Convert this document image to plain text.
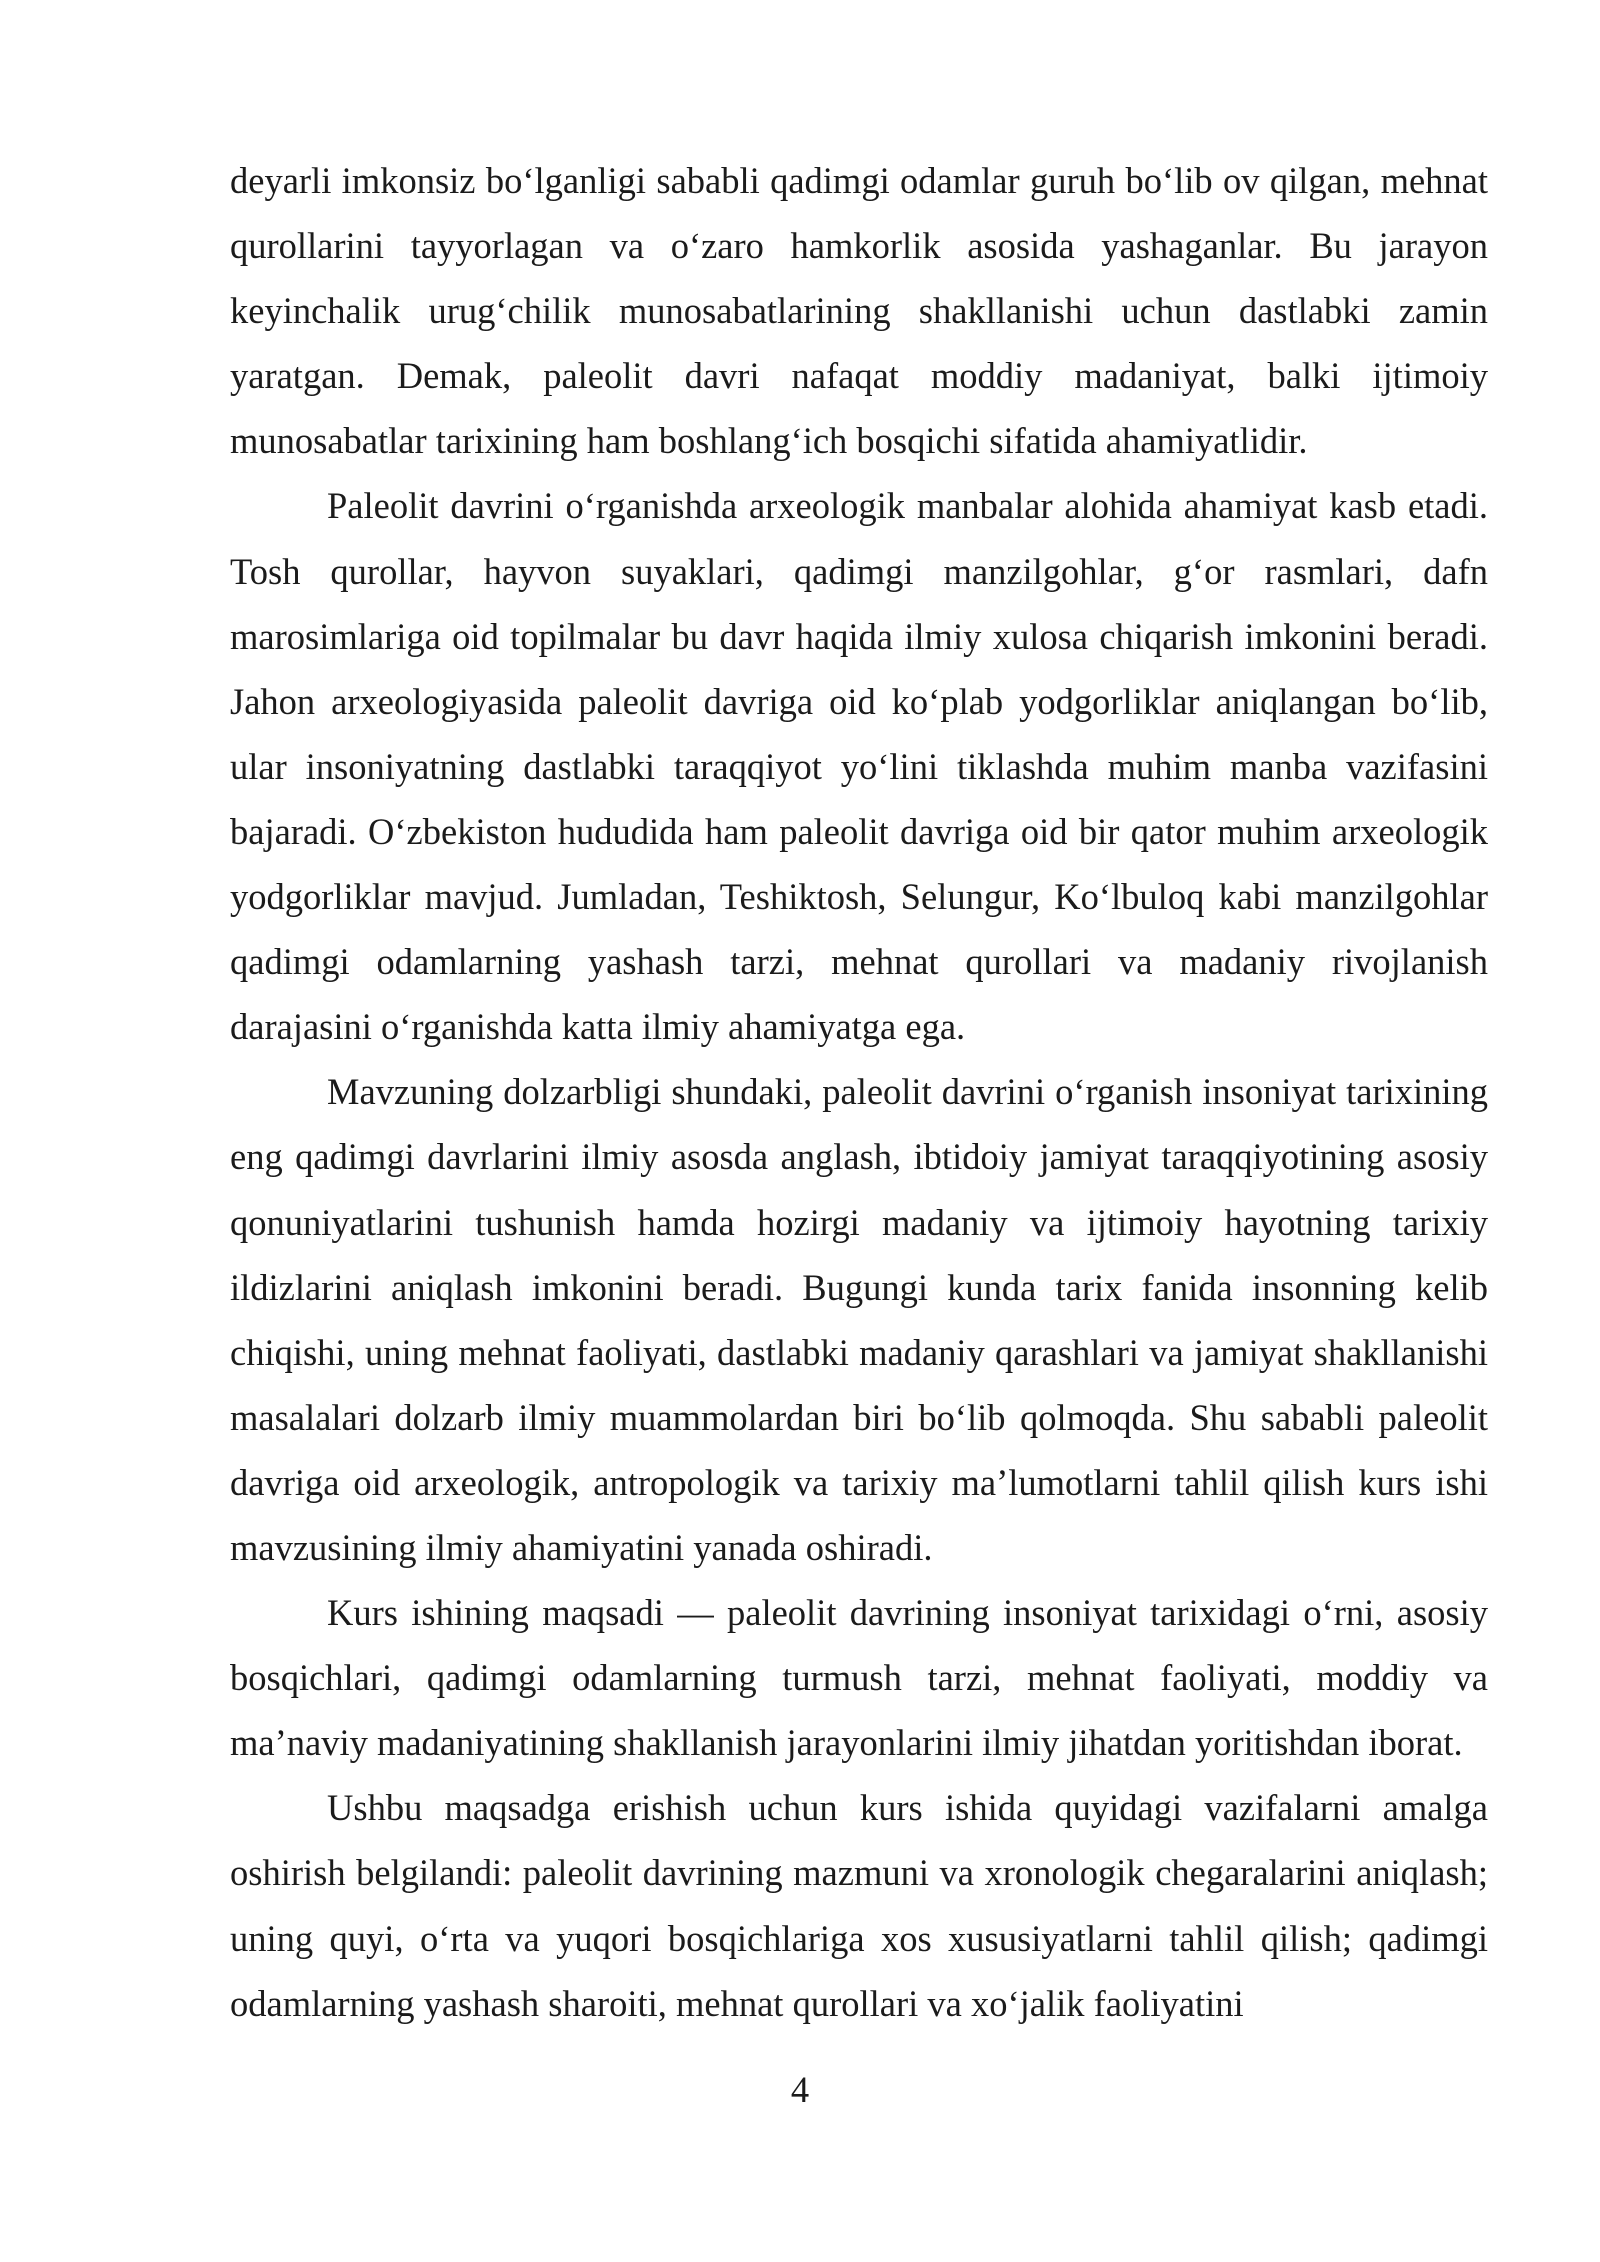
deyarli imkonsiz bo‘lganligi sababli qadimgi odamlar guruh bo‘lib ov qilgan, mehnat qurollarini tayyorlagan va o‘zaro hamkorlik asosida yashaganlar. Bu jarayon keyinchalik urug‘chilik munosabatlarining shakllanishi uchun dastlabki zamin yaratgan. Demak, paleolit davri nafaqat moddiy madaniyat, balki ijtimoiy munosabatlar tarixining ham boshlang‘ich bosqichi sifatida ahamiyatlidir.

Paleolit davrini o‘rganishda arxeologik manbalar alohida ahamiyat kasb etadi. Tosh qurollar, hayvon suyaklari, qadimgi manzilgohlar, g‘or rasmlari, dafn marosimlariga oid topilmalar bu davr haqida ilmiy xulosa chiqarish imkonini beradi. Jahon arxeologiyasida paleolit davriga oid ko‘plab yodgorliklar aniqlangan bo‘lib, ular insoniyatning dastlabki taraqqiyot yo‘lini tiklashda muhim manba vazifasini bajaradi. O‘zbekiston hududida ham paleolit davriga oid bir qator muhim arxeologik yodgorliklar mavjud. Jumladan, Teshiktosh, Selungur, Ko‘lbuloq kabi manzilgohlar qadimgi odamlarning yashash tarzi, mehnat qurollari va madaniy rivojlanish darajasini o‘rganishda katta ilmiy ahamiyatga ega.

Mavzuning dolzarbligi shundaki, paleolit davrini o‘rganish insoniyat tarixining eng qadimgi davrlarini ilmiy asosda anglash, ibtidoiy jamiyat taraqqiyotining asosiy qonuniyatlarini tushunish hamda hozirgi madaniy va ijtimoiy hayotning tarixiy ildizlarini aniqlash imkonini beradi. Bugungi kunda tarix fanida insonning kelib chiqishi, uning mehnat faoliyati, dastlabki madaniy qarashlari va jamiyat shakllanishi masalalari dolzarb ilmiy muammolardan biri bo‘lib qolmoqda. Shu sababli paleolit davriga oid arxeologik, antropologik va tarixiy ma’lumotlarni tahlil qilish kurs ishi mavzusining ilmiy ahamiyatini yanada oshiradi.

Kurs ishining maqsadi — paleolit davrining insoniyat tarixidagi o‘rni, asosiy bosqichlari, qadimgi odamlarning turmush tarzi, mehnat faoliyati, moddiy va ma’naviy madaniyatining shakllanish jarayonlarini ilmiy jihatdan yoritishdan iborat.

Ushbu maqsadga erishish uchun kurs ishida quyidagi vazifalarni amalga oshirish belgilandi: paleolit davrining mazmuni va xronologik chegaralarini aniqlash; uning quyi, o‘rta va yuqori bosqichlariga xos xususiyatlarni tahlil qilish; qadimgi odamlarning yashash sharoiti, mehnat qurollari va xo‘jalik faoliyatini

4
